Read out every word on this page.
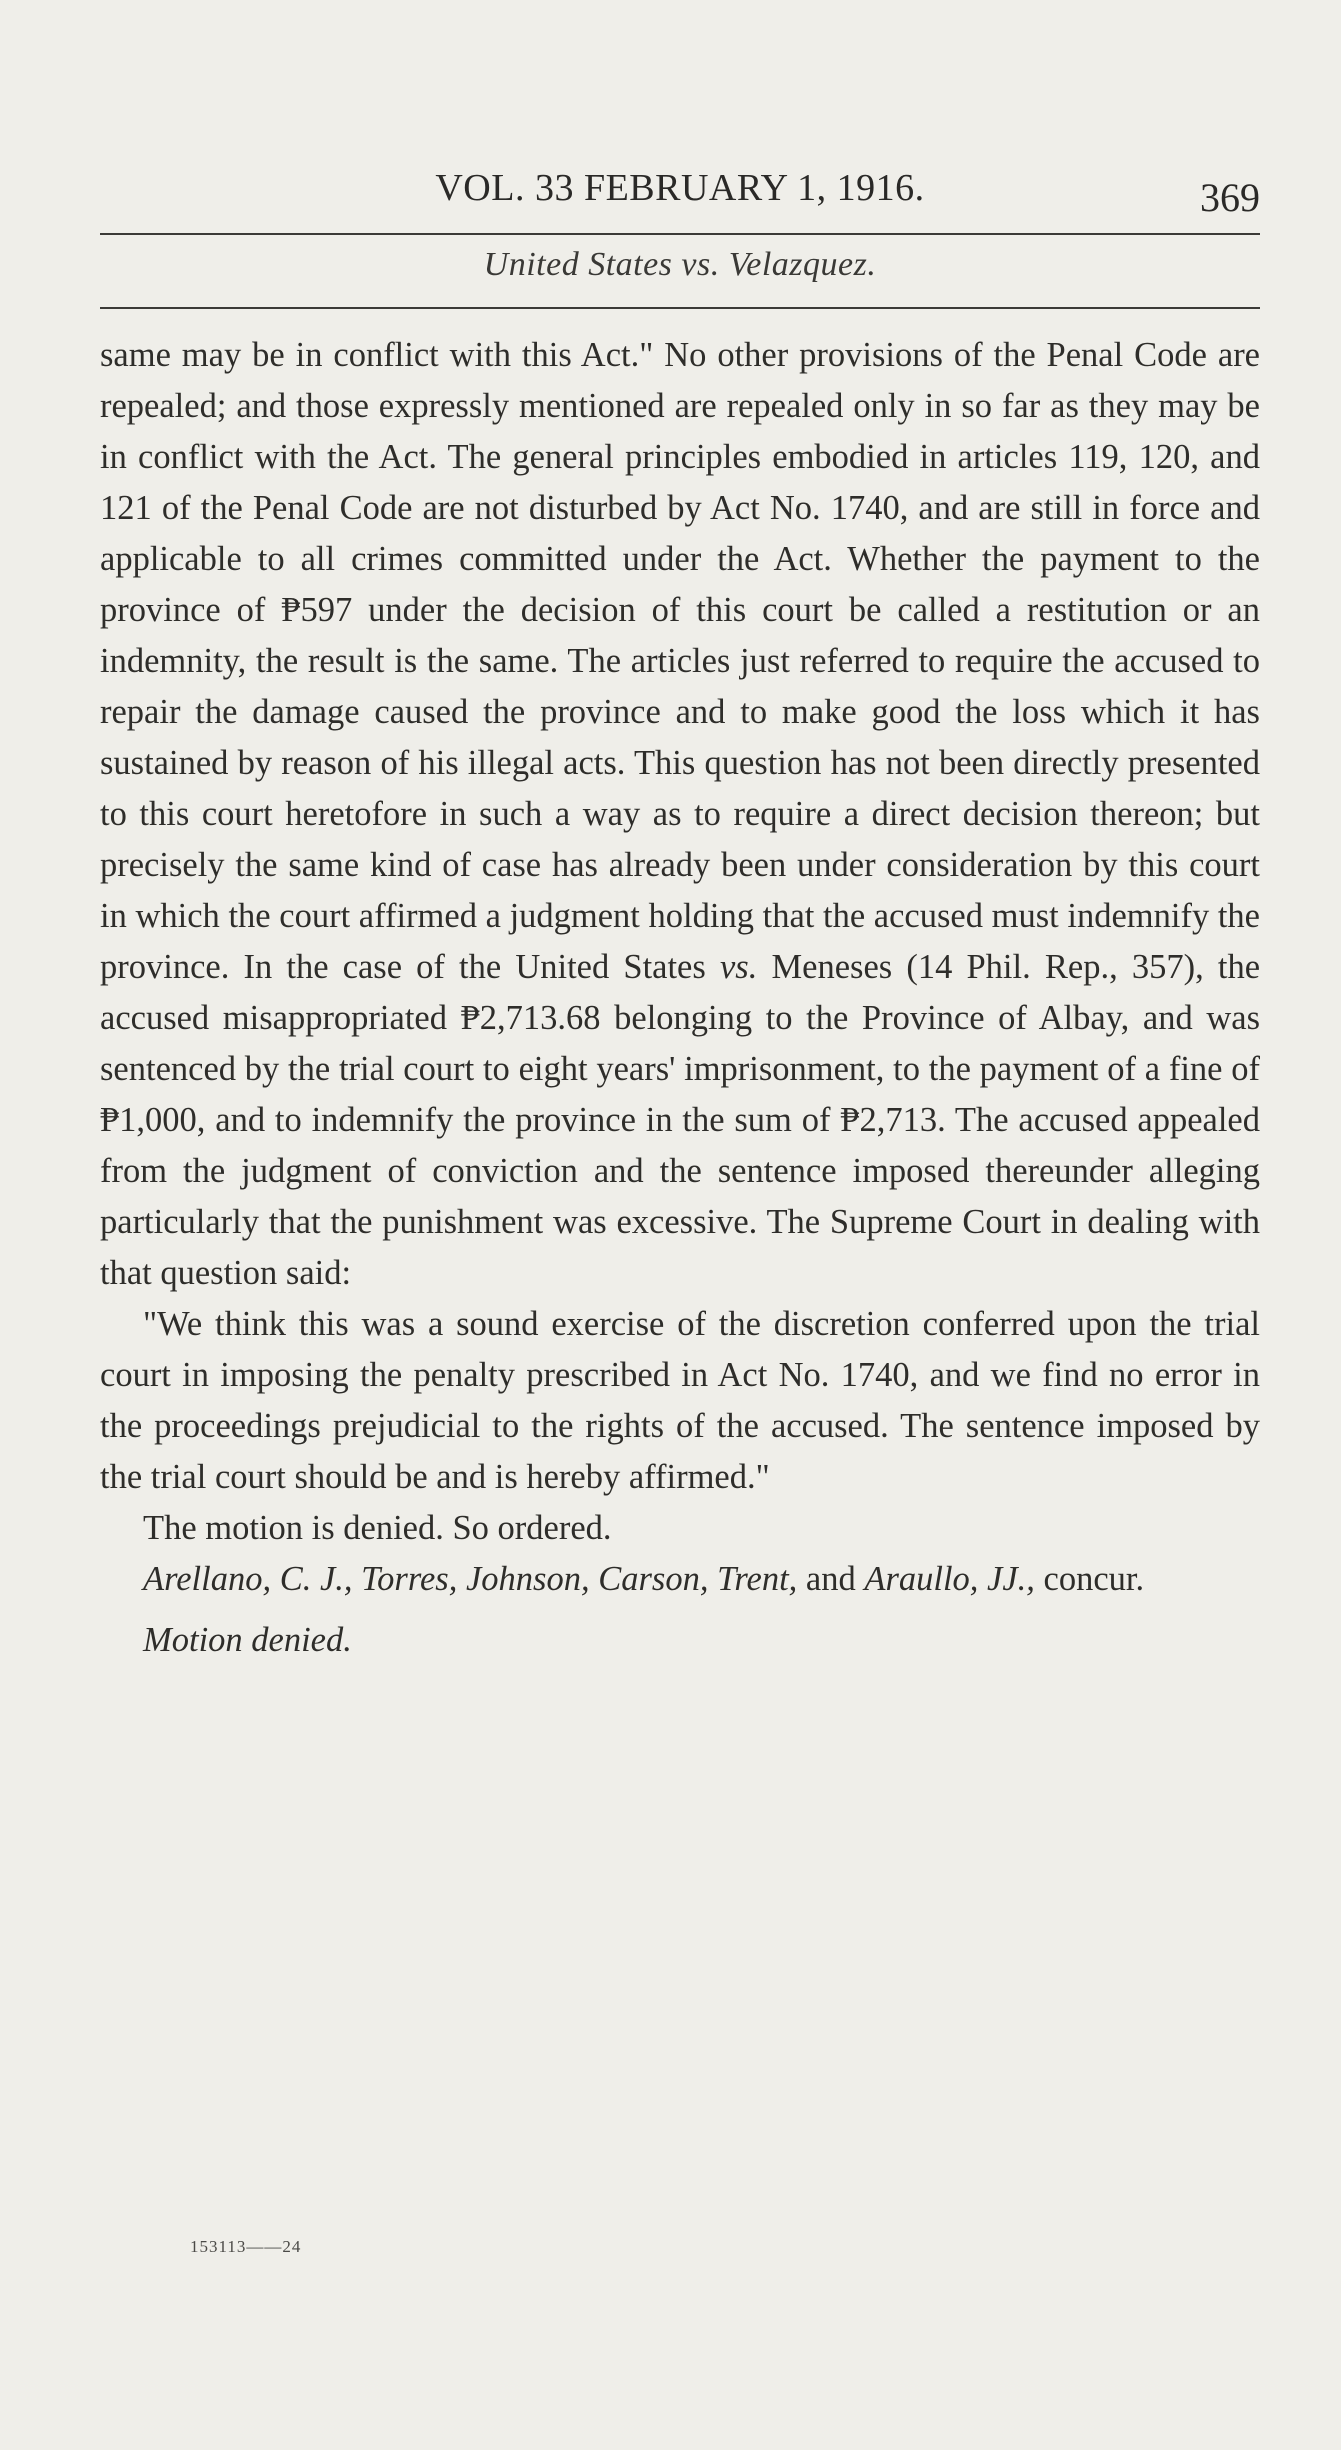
VOL. 33 FEBRUARY 1, 1916.	369
United States vs. Velazquez.

same may be in conflict with this Act." No other provisions of the Penal Code are repealed; and those expressly mentioned are repealed only in so far as they may be in conflict with the Act. The general principles embodied in articles 119, 120, and 121 of the Penal Code are not disturbed by Act No. 1740, and are still in force and applicable to all crimes committed under the Act. Whether the payment to the province of ₱597 under the decision of this court be called a restitution or an indemnity, the result is the same. The articles just referred to require the accused to repair the damage caused the province and to make good the loss which it has sustained by reason of his illegal acts. This question has not been directly presented to this court heretofore in such a way as to require a direct decision thereon; but precisely the same kind of case has already been under consideration by this court in which the court affirmed a judgment holding that the accused must indemnify the province. In the case of the United States vs. Meneses (14 Phil. Rep., 357), the accused misappropriated ₱2,713.68 belonging to the Province of Albay, and was sentenced by the trial court to eight years' imprisonment, to the payment of a fine of ₱1,000, and to indemnify the province in the sum of ₱2,713. The accused appealed from the judgment of conviction and the sentence imposed thereunder alleging particularly that the punishment was excessive. The Supreme Court in dealing with that question said:

"We think this was a sound exercise of the discretion conferred upon the trial court in imposing the penalty prescribed in Act No. 1740, and we find no error in the proceedings prejudicial to the rights of the accused. The sentence imposed by the trial court should be and is hereby affirmed."

The motion is denied. So ordered.

Arellano, C. J., Torres, Johnson, Carson, Trent, and Araullo, JJ., concur.

Motion denied.

153113——24
